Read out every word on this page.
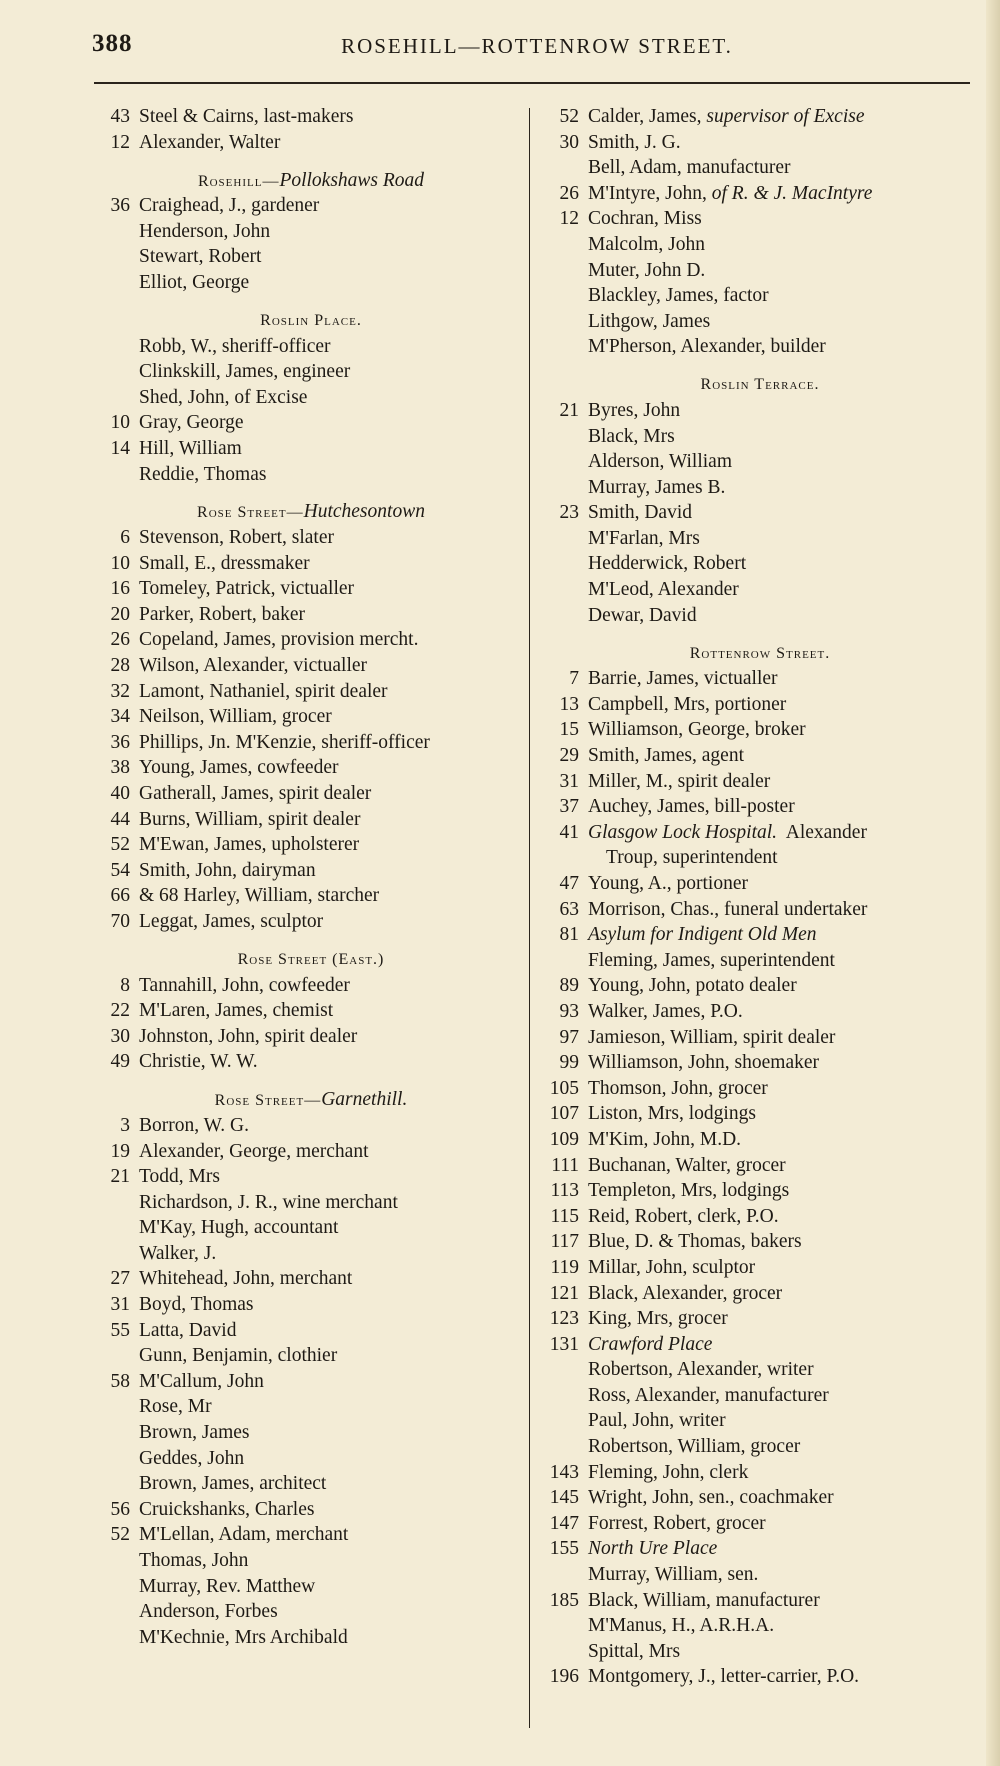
388	ROSEHILL—ROTTENROW STREET.
43 Steel & Cairns, last-makers
12 Alexander, Walter
Rosehill—Pollokshaws Road
36 Craighead, J., gardener
Henderson, John
Stewart, Robert
Elliot, George
Roslin Place.
Robb, W., sheriff-officer
Clinkskill, James, engineer
Shed, John, of Excise
10 Gray, George
14 Hill, William
Reddie, Thomas
Rose Street—Hutchesontown
6 Stevenson, Robert, slater
10 Small, E., dressmaker
16 Tomeley, Patrick, victualler
20 Parker, Robert, baker
26 Copeland, James, provision mercht.
28 Wilson, Alexander, victualler
32 Lamont, Nathaniel, spirit dealer
34 Neilson, William, grocer
36 Phillips, Jn. M'Kenzie, sheriff-officer
38 Young, James, cowfeeder
40 Gatherall, James, spirit dealer
44 Burns, William, spirit dealer
52 M'Ewan, James, upholsterer
54 Smith, John, dairyman
66 & 68 Harley, William, starcher
70 Leggat, James, sculptor
Rose Street (East.)
8 Tannahill, John, cowfeeder
22 M'Laren, James, chemist
30 Johnston, John, spirit dealer
49 Christie, W. W.
Rose Street—Garnethill.
3 Borron, W. G.
19 Alexander, George, merchant
21 Todd, Mrs
Richardson, J. R., wine merchant
M'Kay, Hugh, accountant
Walker, J.
27 Whitehead, John, merchant
31 Boyd, Thomas
55 Latta, David
Gunn, Benjamin, clothier
58 M'Callum, John
Rose, Mr
Brown, James
Geddes, John
Brown, James, architect
56 Cruickshanks, Charles
52 M'Lellan, Adam, merchant
Thomas, John
Murray, Rev. Matthew
Anderson, Forbes
M'Kechnie, Mrs Archibald
52 Calder, James, supervisor of Excise
30 Smith, J. G.
Bell, Adam, manufacturer
26 M'Intyre, John, of R. & J. MacIntyre
12 Cochran, Miss
Malcolm, John
Muter, John D.
Blackley, James, factor
Lithgow, James
M'Pherson, Alexander, builder
Roslin Terrace.
21 Byres, John
Black, Mrs
Alderson, William
Murray, James B.
23 Smith, David
M'Farlan, Mrs
Hedderwick, Robert
M'Leod, Alexander
Dewar, David
Rottenrow Street.
7 Barrie, James, victualler
13 Campbell, Mrs, portioner
15 Williamson, George, broker
29 Smith, James, agent
31 Miller, M., spirit dealer
37 Auchey, James, bill-poster
41 Glasgow Lock Hospital.  Alexander
Troup, superintendent
47 Young, A., portioner
63 Morrison, Chas., funeral undertaker
81 Asylum for Indigent Old Men
Fleming, James, superintendent
89 Young, John, potato dealer
93 Walker, James, P.O.
97 Jamieson, William, spirit dealer
99 Williamson, John, shoemaker
105 Thomson, John, grocer
107 Liston, Mrs, lodgings
109 M'Kim, John, M.D.
111 Buchanan, Walter, grocer
113 Templeton, Mrs, lodgings
115 Reid, Robert, clerk, P.O.
117 Blue, D. & Thomas, bakers
119 Millar, John, sculptor
121 Black, Alexander, grocer
123 King, Mrs, grocer
131 Crawford Place
Robertson, Alexander, writer
Ross, Alexander, manufacturer
Paul, John, writer
Robertson, William, grocer
143 Fleming, John, clerk
145 Wright, John, sen., coachmaker
147 Forrest, Robert, grocer
155 North Ure Place
Murray, William, sen.
185 Black, William, manufacturer
M'Manus, H., A.R.H.A.
Spittal, Mrs
196 Montgomery, J., letter-carrier, P.O.
